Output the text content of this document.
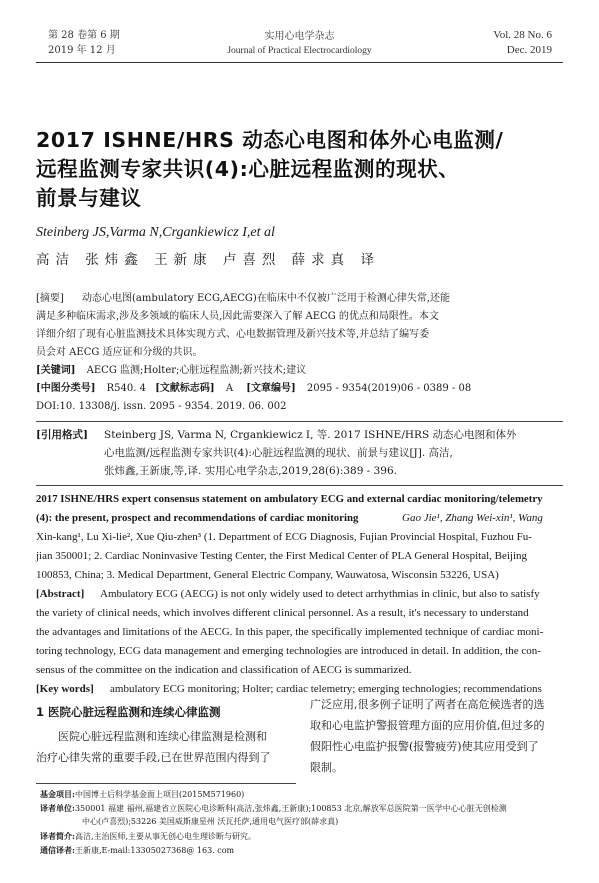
第 28 卷第 6 期
2019 年 12 月
实用心电学杂志
Journal of Practical Electrocardiology
Vol. 28 No. 6
Dec. 2019
2017 ISHNE/HRS 动态心电图和体外心电监测/
远程监测专家共识(4):心脏远程监测的现状、
前景与建议
Steinberg JS,Varma N,Crgankiewicz I,et al
高洁 张炜鑫 王新康 卢喜烈 薛求真 译
[摘要] 动态心电图(ambulatory ECG,AECG)在临床中不仅被广泛用于检测心律失常,还能
满足多种临床需求,涉及多领域的临床人员,因此需要深入了解 AECG 的优点和局限性。本文
详细介绍了现有心脏监测技术具体实现方式、心电数据管理及新兴技术等,并总结了编写委
员会对 AECG 适应证和分级的共识。
[关键词] AECG 监测;Holter;心脏远程监测;新兴技术;建议
[中图分类号] R540. 4 [文献标志码] A [文章编号] 2095 - 9354(2019)06 - 0389 - 08
DOI:10. 13308/j. issn. 2095 - 9354. 2019. 06. 002
[引用格式] Steinberg JS, Varma N, Crgankiewicz I, 等. 2017 ISHNE/HRS 动态心电图和体外
心电监测/远程监测专家共识(4):心脏远程监测的现状、前景与建议[J]. 高洁,
张炜鑫,王新康,等,译. 实用心电学杂志,2019,28(6):389 - 396.
2017 ISHNE/HRS expert consensus statement on ambulatory ECG and external cardiac monitoring/telemetry
(4): the present, prospect and recommendations of cardiac monitoring	Gao Jie¹, Zhang Wei-xin¹, Wang
Xin-kang¹, Lu Xi-lie², Xue Qiu-zhen³ (1. Department of ECG Diagnosis, Fujian Provincial Hospital, Fuzhou Fu-
jian 350001; 2. Cardiac Noninvasive Testing Center, the First Medical Center of PLA General Hospital, Beijing
100853, China; 3. Medical Department, General Electric Company, Wauwatosa, Wisconsin 53226, USA)
[Abstract] Ambulatory ECG (AECG) is not only widely used to detect arrhythmias in clinic, but also to satisfy
the variety of clinical needs, which involves different clinical personnel. As a result, it's necessary to understand
the advantages and limitations of the AECG. In this paper, the specifically implemented technique of cardiac moni-
toring technology, ECG data management and emerging technologies are introduced in detail. In addition, the con-
sensus of the committee on the indication and classification of AECG is summarized.
[Key words] ambulatory ECG monitoring; Holter; cardiac telemetry; emerging technologies; recommendations
1 医院心脏远程监测和连续心律监测
医院心脏远程监测和连续心律监测是检测和
治疗心律失常的重要手段,已在世界范围内得到了
广泛应用,很多例子证明了两者在高危候选者的选
取和心电监护警报管理方面的应用价值,但过多的
假阳性心电监护报警(报警疲劳)使其应用受到了
限制。
基金项目:中国博士后科学基金面上项目(2015M571960)
译者单位:350001 福建 福州,福建省立医院心电诊断科(高洁,张炜鑫,王新康);100853 北京,解放军总医院第一医学中心心脏无创检测
中心(卢喜烈);53226 美国威斯康星州 沃瓦托萨,通用电气医疗部(薛求真)
译者简介:高洁,主治医师,主要从事无创心电生理诊断与研究。
通信译者:王新康,E-mail:13305027368@ 163. com
